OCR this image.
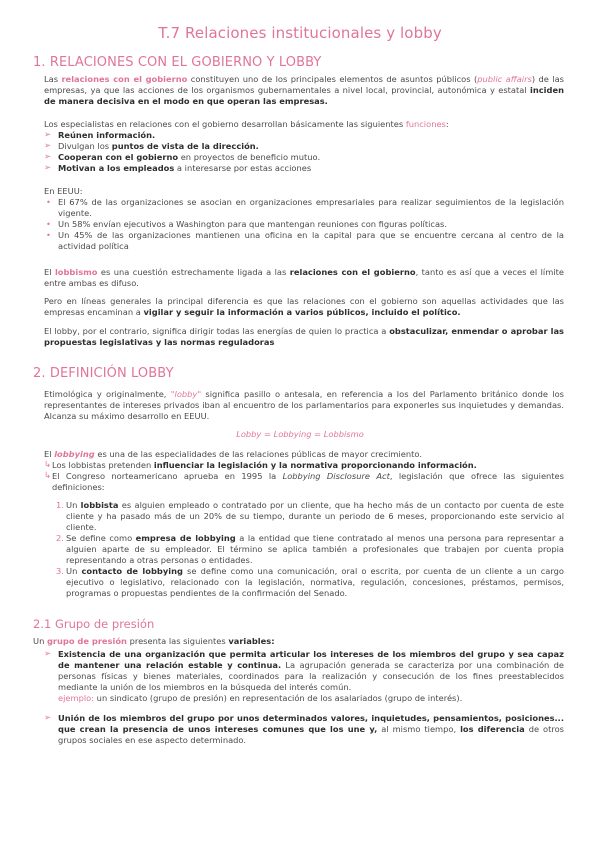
T.7 Relaciones institucionales y lobby
1. RELACIONES CON EL GOBIERNO Y LOBBY

Las relaciones con el gobierno constituyen uno de los principales elementos de asuntos públicos (public affairs) de las empresas, ya que las acciones de los organismos gubernamentales a nivel local, provincial, autonómica y estatal inciden de manera decisiva en el modo en que operan las empresas.

Los especialistas en relaciones con el gobierno desarrollan básicamente las siguientes funciones:

➢ Reúnen información.
➢ Divulgan los puntos de vista de la dirección.
➢ Cooperan con el gobierno en proyectos de beneficio mutuo.
➢ Motivan a los empleados a interesarse por estas acciones

En EEUU:

• El 67% de las organizaciones se asocian en organizaciones empresariales para realizar seguimientos de la legislación vigente.
• Un 58% envían ejecutivos a Washington para que mantengan reuniones con figuras políticas.
• Un 45% de las organizaciones mantienen una oficina en la capital para que se encuentre cercana al centro de la actividad política

El lobbismo es una cuestión estrechamente ligada a las relaciones con el gobierno, tanto es así que a veces el límite entre ambas es difuso.

Pero en líneas generales la principal diferencia es que las relaciones con el gobierno son aquellas actividades que las empresas encaminan a vigilar y seguir la información a varios públicos, incluido el político.

El lobby, por el contrario, significa dirigir todas las energías de quien lo practica a obstaculizar, enmendar o aprobar las propuestas legislativas y las normas reguladoras

2. DEFINICIÓN LOBBY

Etimológica y originalmente, "lobby" significa pasillo o antesala, en referencia a los del Parlamento británico donde los representantes de intereses privados iban al encuentro de los parlamentarios para exponerles sus inquietudes y demandas. Alcanza su máximo desarrollo en EEUU.

Lobby = Lobbying = Lobbismo

El lobbying es una de las especialidades de las relaciones públicas de mayor crecimiento.

↳ Los lobbistas pretenden influenciar la legislación y la normativa proporcionando información.
↳ El Congreso norteamericano aprueba en 1995 la Lobbying Disclosure Act, legislación que ofrece las siguientes definiciones:
1. Un lobbista es alguien empleado o contratado por un cliente, que ha hecho más de un contacto por cuenta de este cliente y ha pasado más de un 20% de su tiempo, durante un periodo de 6 meses, proporcionando este servicio al cliente.
2. Se define como empresa de lobbying a la entidad que tiene contratado al menos una persona para representar a alguien aparte de su empleador. El término se aplica también a profesionales que trabajen por cuenta propia representando a otras personas o entidades.
3. Un contacto de lobbying se define como una comunicación, oral o escrita, por cuenta de un cliente a un cargo ejecutivo o legislativo, relacionado con la legislación, normativa, regulación, concesiones, préstamos, permisos, programas o propuestas pendientes de la confirmación del Senado.
2.1 Grupo de presión

Un grupo de presión presenta las siguientes variables:

➢ Existencia de una organización que permita articular los intereses de los miembros del grupo y sea capaz de mantener una relación estable y continua. La agrupación generada se caracteriza por una combinación de personas físicas y bienes materiales, coordinados para la realización y consecución de los fines preestablecidos mediante la unión de los miembros en la búsqueda del interés común.
ejemplo: un sindicato (grupo de presión) en representación de los asalariados (grupo de interés).
➢ Unión de los miembros del grupo por unos determinados valores, inquietudes, pensamientos, posiciones... que crean la presencia de unos intereses comunes que los une y, al mismo tiempo, los diferencia de otros grupos sociales en ese aspecto determinado.
